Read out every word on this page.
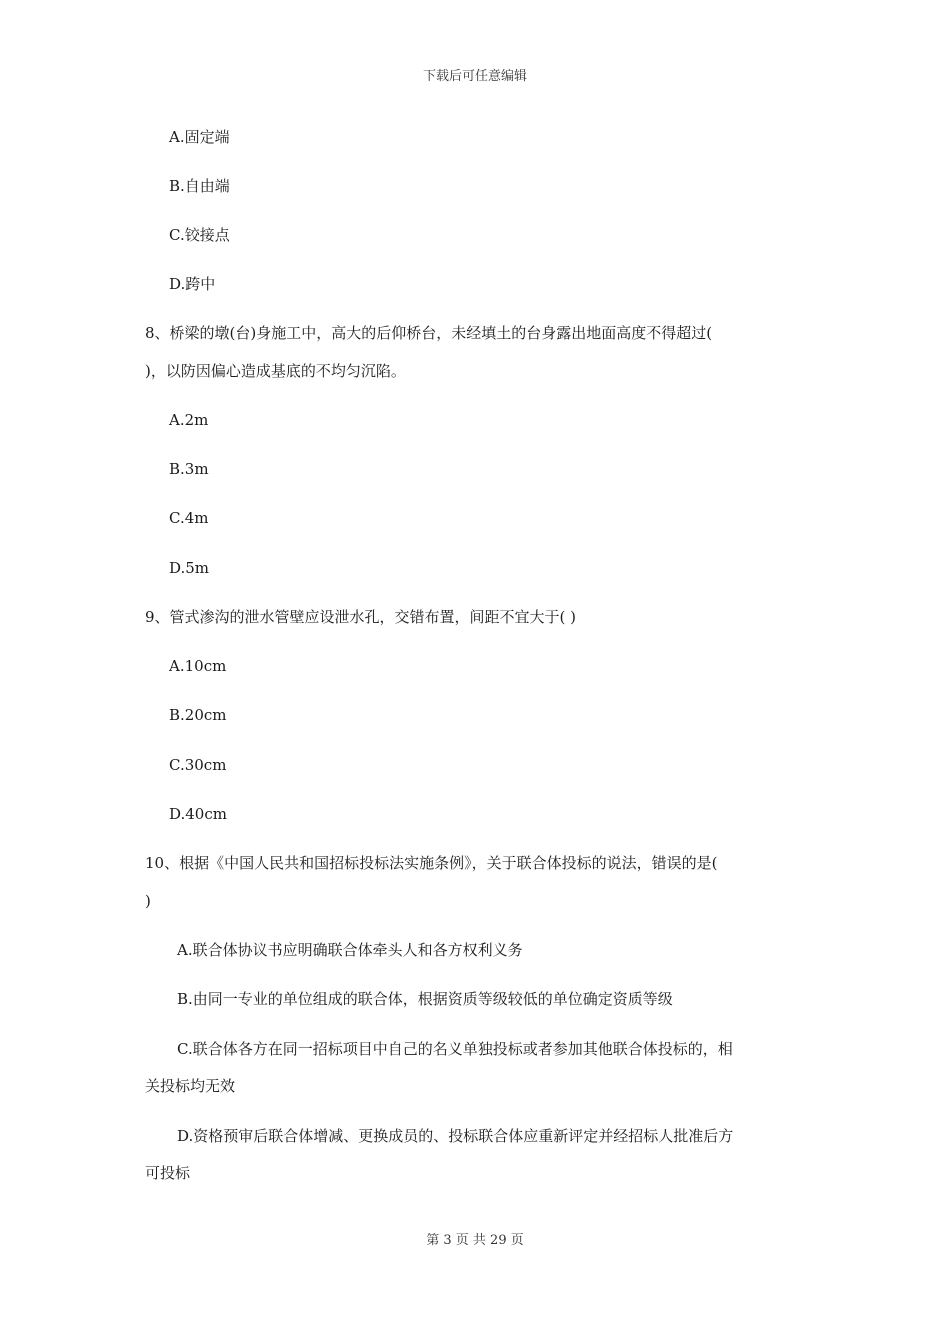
下载后可任意编辑
A.固定端
B.自由端
C.铰接点
D.跨中
8、桥梁的墩(台)身施工中，高大的后仰桥台，未经填土的台身露出地面高度不得超过(
)，以防因偏心造成基底的不均匀沉陷。
A.2m
B.3m
C.4m
D.5m
9、管式渗沟的泄水管壁应设泄水孔，交错布置，间距不宜大于( )
A.10cm
B.20cm
C.30cm
D.40cm
10、根据《中国人民共和国招标投标法实施条例》，关于联合体投标的说法，错误的是(
)
A.联合体协议书应明确联合体牵头人和各方权利义务
B.由同一专业的单位组成的联合体，根据资质等级较低的单位确定资质等级
C.联合体各方在同一招标项目中自己的名义单独投标或者参加其他联合体投标的，相
关投标均无效
D.资格预审后联合体增减、更换成员的、投标联合体应重新评定并经招标人批准后方
可投标
第 3 页 共 29 页
